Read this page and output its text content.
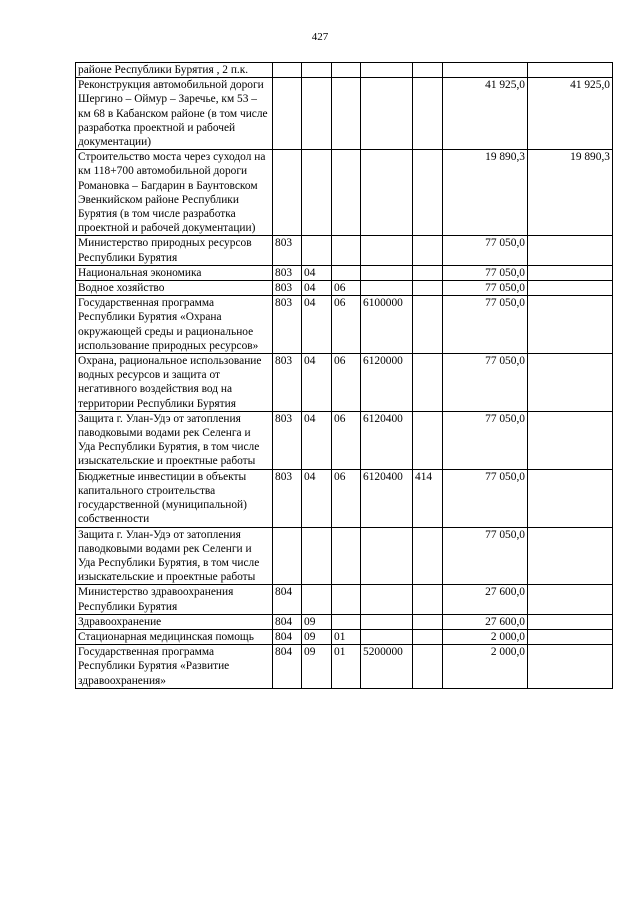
427
районе Республики Бурятия , 2 п.к.							
Реконструкция автомобильной дороги Шергино – Оймур – Заречье, км 53 – км 68 в Кабанском районе (в том числе разработка проектной и рабочей документации)						41 925,0	41 925,0
Строительство моста через суходол на км 118+700 автомобильной дороги Романовка – Багдарин в Баунтовском Эвенкийском районе Республики Бурятия (в том числе разработка проектной и рабочей документации)						19 890,3	19 890,3
Министерство природных ресурсов Республики Бурятия	803					77 050,0	
Национальная экономика	803	04				77 050,0	
Водное хозяйство	803	04	06			77 050,0	
Государственная программа Республики Бурятия «Охрана окружающей среды и рациональное использование природных ресурсов»	803	04	06	6100000		77 050,0	
Охрана, рациональное использование водных ресурсов и защита от негативного воздействия вод на территории Республики Бурятия	803	04	06	6120000		77 050,0	
Защита г. Улан-Удэ от затопления паводковыми водами рек Селенга и Уда Республики Бурятия, в том числе изыскательские и проектные работы	803	04	06	6120400		77 050,0	
Бюджетные инвестиции в объекты капитального строительства государственной (муниципальной) собственности	803	04	06	6120400	414	77 050,0	
Защита г. Улан-Удэ от затопления паводковыми водами рек Селенги и Уда Республики Бурятия, в том числе изыскательские и проектные работы						77 050,0	
Министерство здравоохранения Республики Бурятия	804					27 600,0	
Здравоохранение	804	09				27 600,0	
Стационарная медицинская помощь	804	09	01			2 000,0	
Государственная программа Республики Бурятия «Развитие здравоохранения»	804	09	01	5200000		2 000,0	
